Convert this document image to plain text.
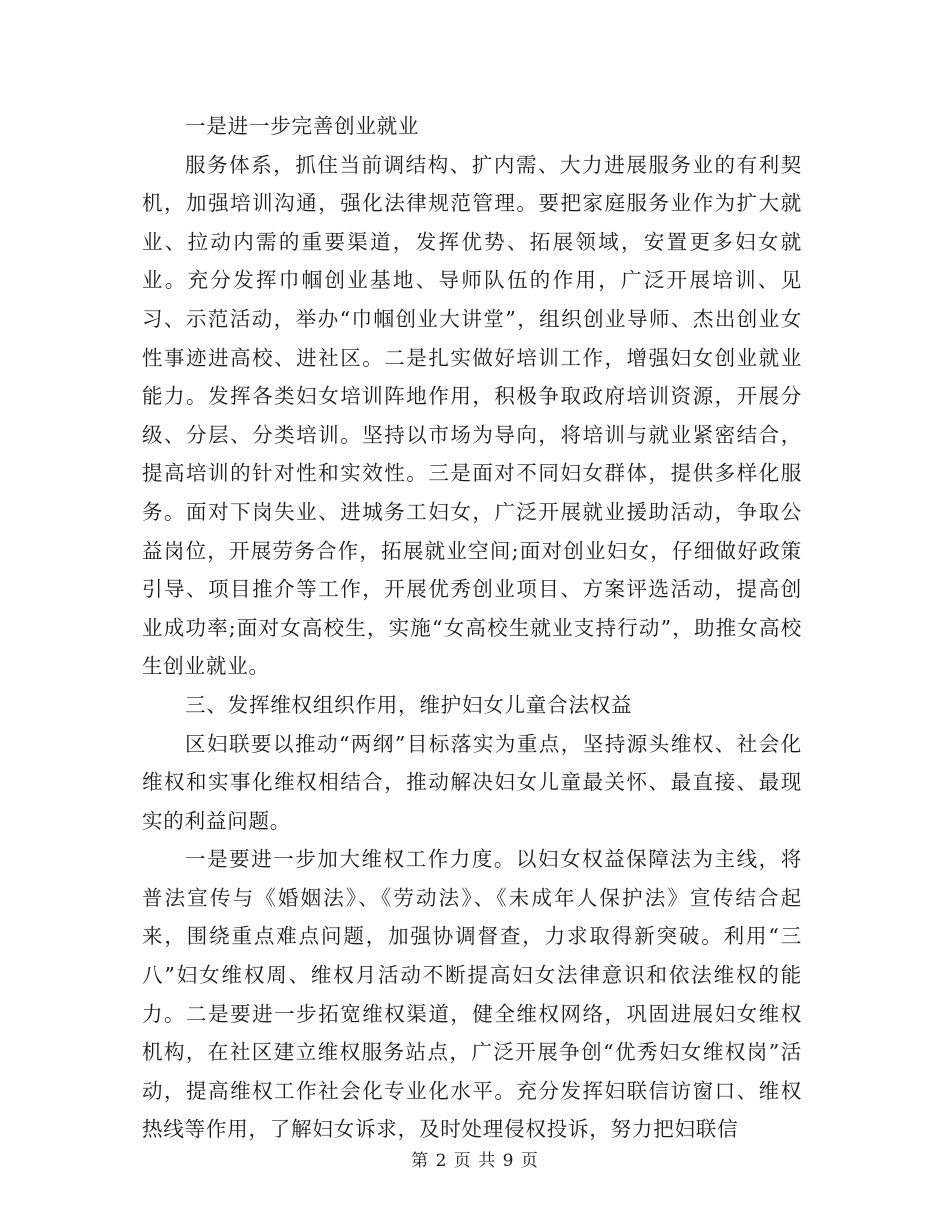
一是进一步完善创业就业

服务体系，抓住当前调结构、扩内需、大力进展服务业的有利契机，加强培训沟通，强化法律规范管理。要把家庭服务业作为扩大就业、拉动内需的重要渠道，发挥优势、拓展领域，安置更多妇女就业。充分发挥巾帼创业基地、导师队伍的作用，广泛开展培训、见习、示范活动，举办“巾帼创业大讲堂”，组织创业导师、杰出创业女性事迹进高校、进社区。二是扎实做好培训工作，增强妇女创业就业能力。发挥各类妇女培训阵地作用，积极争取政府培训资源，开展分级、分层、分类培训。坚持以市场为导向，将培训与就业紧密结合，提高培训的针对性和实效性。三是面对不同妇女群体，提供多样化服务。面对下岗失业、进城务工妇女，广泛开展就业援助活动，争取公益岗位，开展劳务合作，拓展就业空间;面对创业妇女，仔细做好政策引导、项目推介等工作，开展优秀创业项目、方案评选活动，提高创业成功率;面对女高校生，实施“女高校生就业支持行动”，助推女高校生创业就业。

三、发挥维权组织作用，维护妇女儿童合法权益

区妇联要以推动“两纲”目标落实为重点，坚持源头维权、社会化维权和实事化维权相结合，推动解决妇女儿童最关怀、最直接、最现实的利益问题。

一是要进一步加大维权工作力度。以妇女权益保障法为主线，将普法宣传与《婚姻法》、《劳动法》、《未成年人保护法》宣传结合起来，围绕重点难点问题，加强协调督查，力求取得新突破。利用“三八”妇女维权周、维权月活动不断提高妇女法律意识和依法维权的能力。二是要进一步拓宽维权渠道，健全维权网络，巩固进展妇女维权机构，在社区建立维权服务站点，广泛开展争创“优秀妇女维权岗”活动，提高维权工作社会化专业化水平。充分发挥妇联信访窗口、维权热线等作用，了解妇女诉求，及时处理侵权投诉，努力把妇联信

第 2 页 共 9 页
